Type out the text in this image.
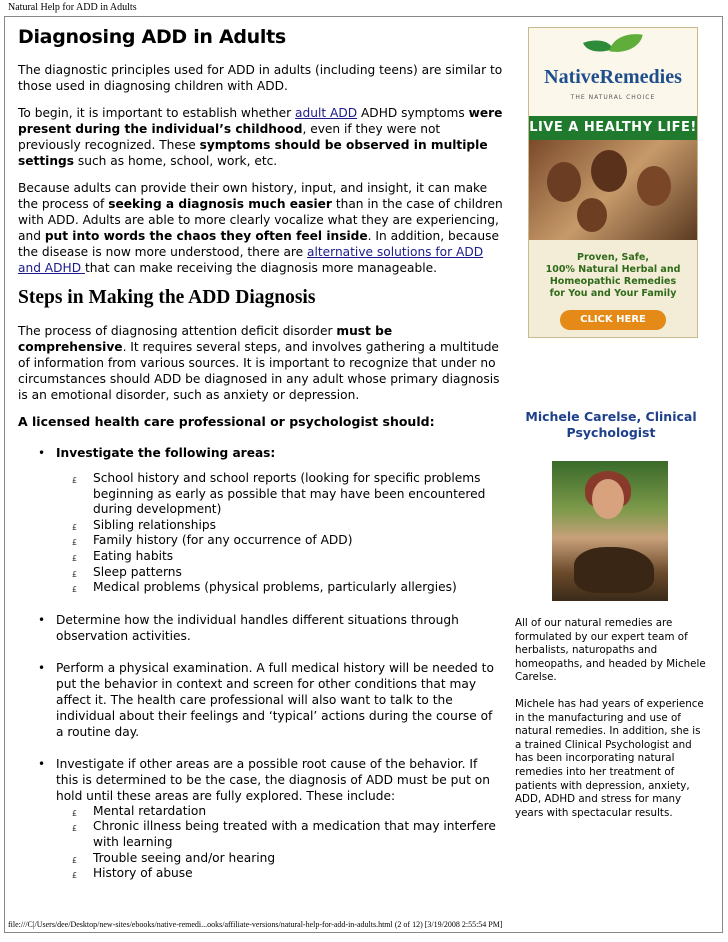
Natural Help for ADD in Adults
Diagnosing ADD in Adults

The diagnostic principles used for ADD in adults (including teens) are similar to those used in diagnosing children with ADD.

To begin, it is important to establish whether adult ADD ADHD symptoms were present during the individual’s childhood, even if they were not previously recognized. These symptoms should be observed in multiple settings such as home, school, work, etc.

Because adults can provide their own history, input, and insight, it can make the process of seeking a diagnosis much easier than in the case of children with ADD. Adults are able to more clearly vocalize what they are experiencing, and put into words the chaos they often feel inside. In addition, because the disease is now more understood, there are alternative solutions for ADD and ADHD that can make receiving the diagnosis more manageable.

Steps in Making the ADD Diagnosis

The process of diagnosing attention deficit disorder must be comprehensive. It requires several steps, and involves gathering a multitude of information from various sources. It is important to recognize that under no circumstances should ADD be diagnosed in any adult whose primary diagnosis is an emotional disorder, such as anxiety or depression.

A licensed health care professional or psychologist should:
• Investigate the following areas:
£ School history and school reports (looking for specific problems beginning as early as possible that may have been encountered during development)
£ Sibling relationships
£ Family history (for any occurrence of ADD)
£ Eating habits
£ Sleep patterns
£ Medical problems (physical problems, particularly allergies)
• Determine how the individual handles different situations through observation activities.
• Perform a physical examination. A full medical history will be needed to put the behavior in context and screen for other conditions that may affect it. The health care professional will also want to talk to the individual about their feelings and ‘typical’ actions during the course of a routine day.
• Investigate if other areas are a possible root cause of the behavior. If this is determined to be the case, the diagnosis of ADD must be put on hold until these areas are fully explored. These include:
£ Mental retardation
£ Chronic illness being treated with a medication that may interfere with learning
£ Trouble seeing and/or hearing
£ History of abuse
NativeRemedies
THE NATURAL CHOICE
LIVE A HEALTHY LIFE!
Proven, Safe,
100% Natural Herbal and
Homeopathic Remedies
for You and Your Family
CLICK HERE
Michele Carelse, Clinical Psychologist

All of our natural remedies are formulated by our expert team of herbalists, naturopaths and homeopaths, and headed by Michele Carelse.

Michele has had years of experience in the manufacturing and use of natural remedies. In addition, she is a trained Clinical Psychologist and has been incorporating natural remedies into her treatment of patients with depression, anxiety, ADD, ADHD and stress for many years with spectacular results.

file:///C|/Users/dee/Desktop/new-sites/ebooks/native-remedi...ooks/affiliate-versions/natural-help-for-add-in-adults.html (2 of 12) [3/19/2008 2:55:54 PM]
